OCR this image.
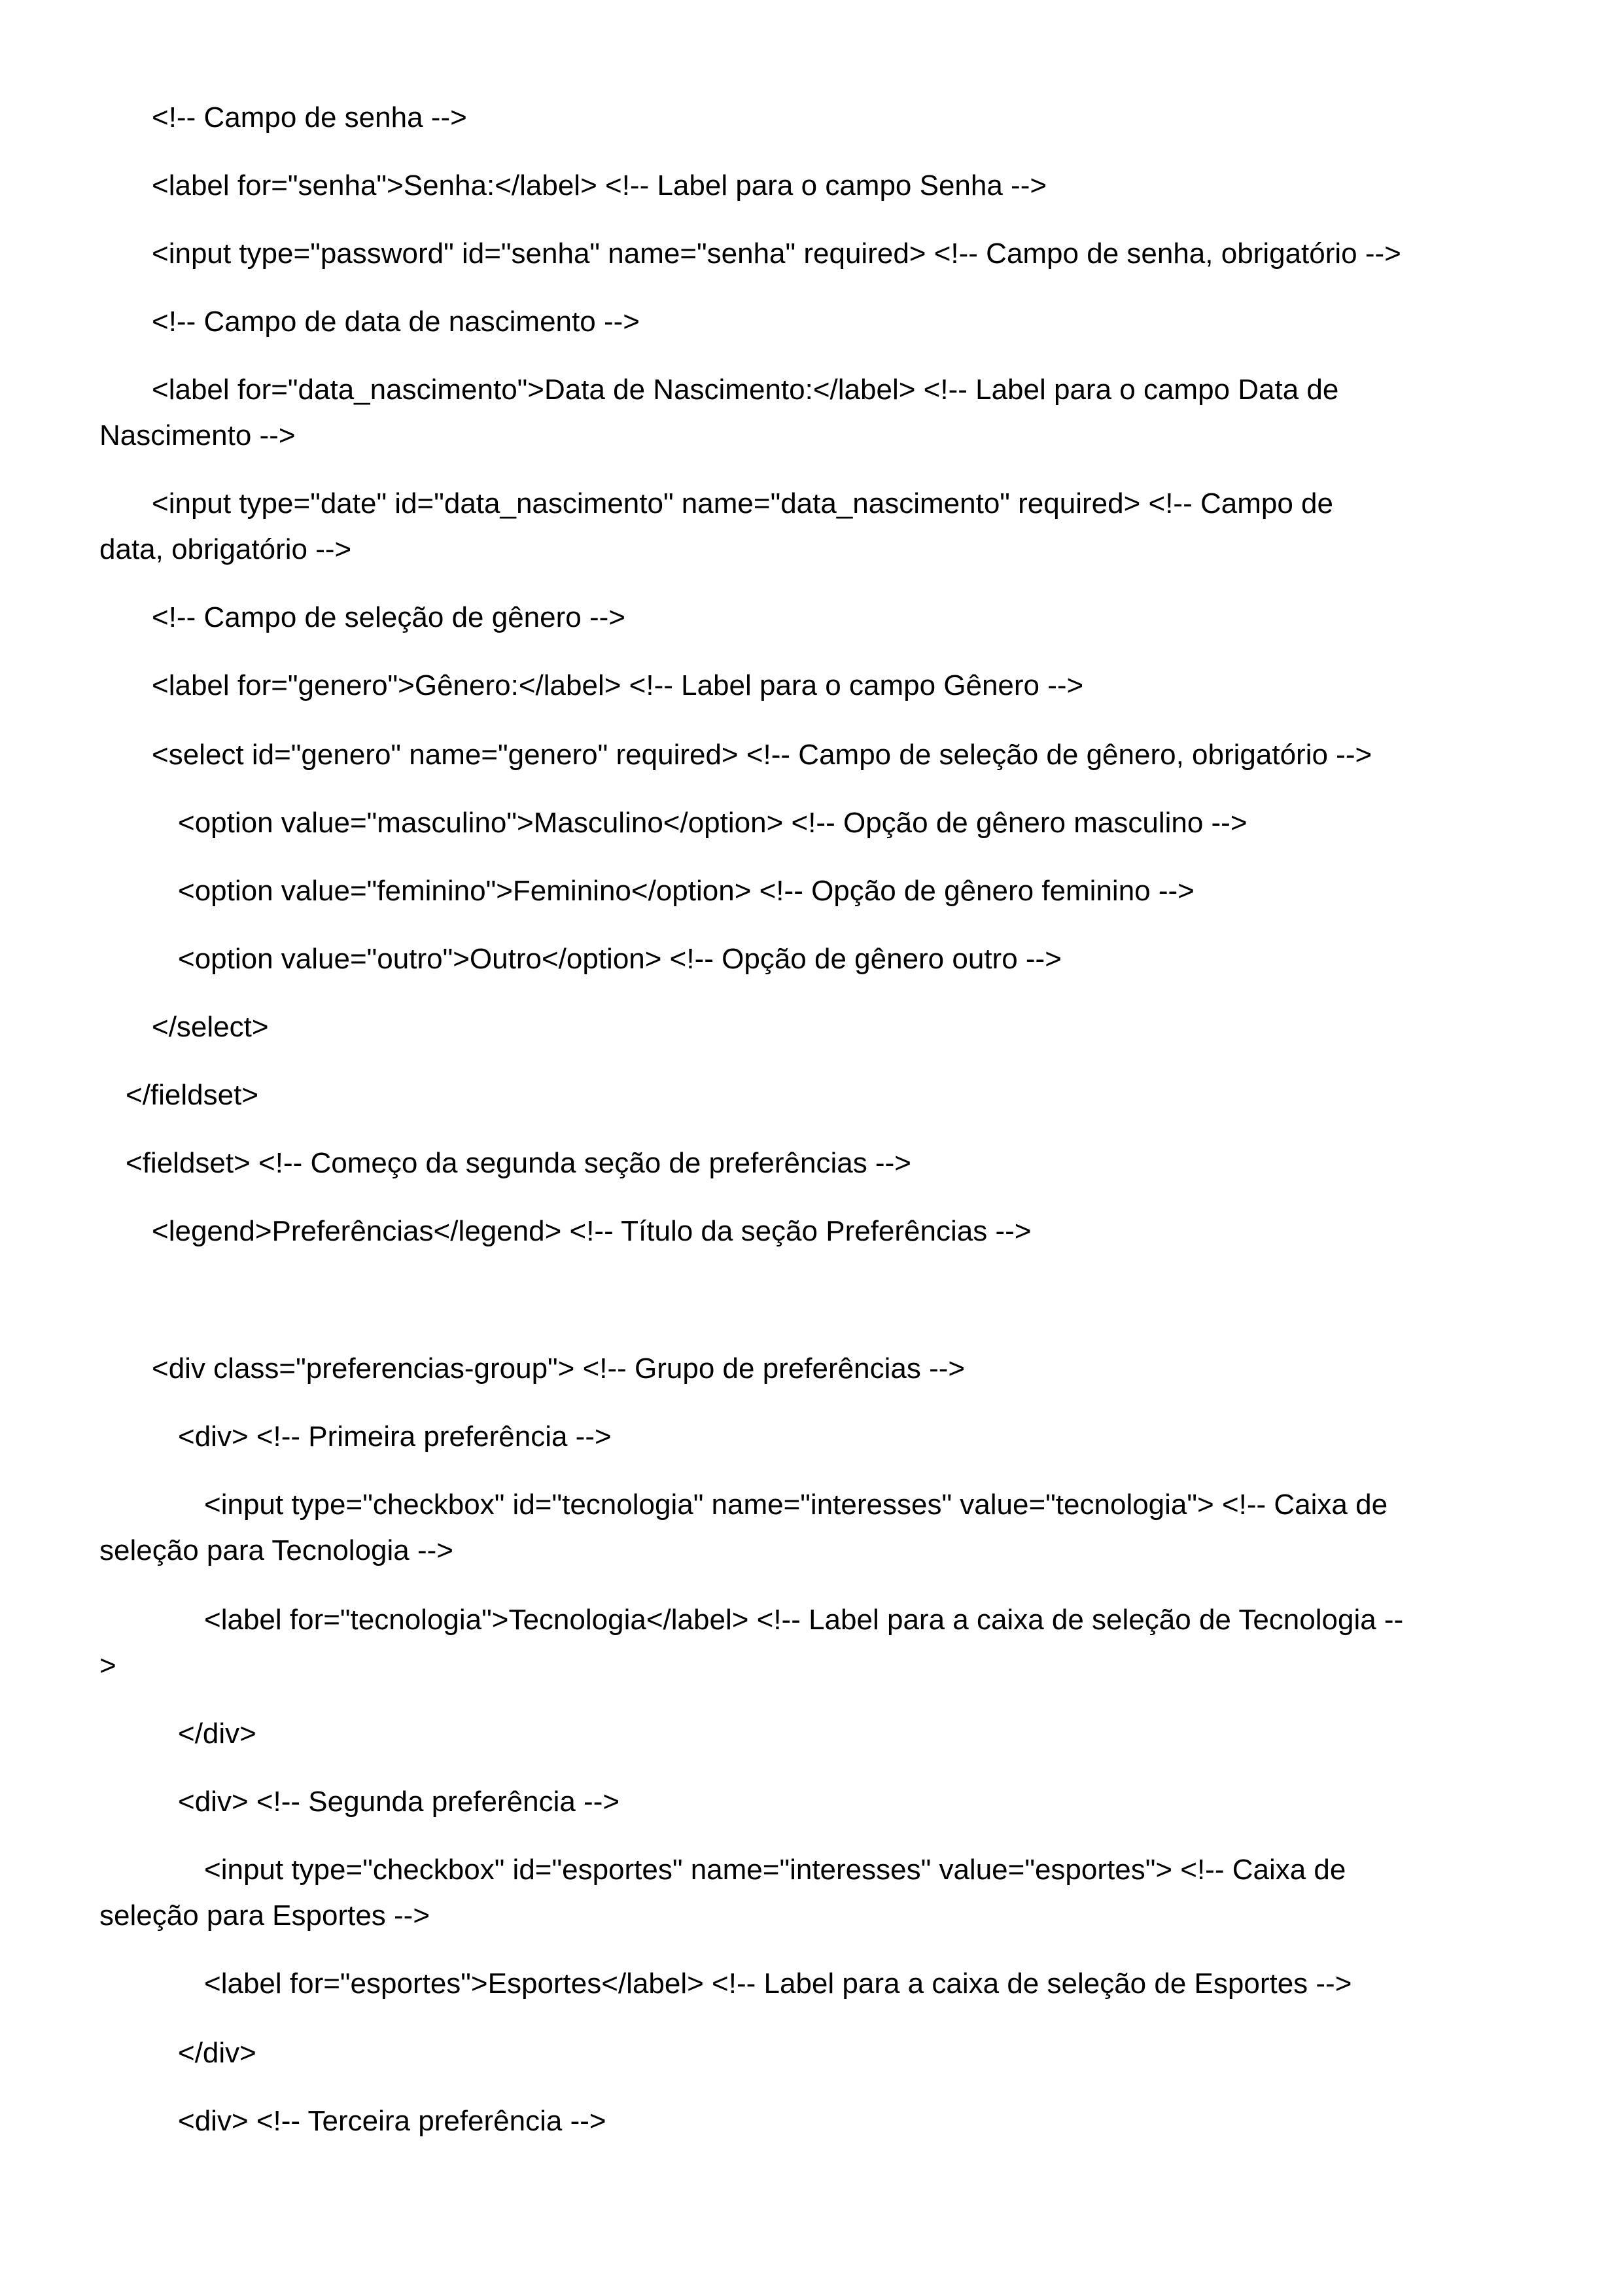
<!-- Campo de senha -->
<label for="senha">Senha:</label> <!-- Label para o campo Senha -->
<input type="password" id="senha" name="senha" required> <!-- Campo de senha, obrigatório -->
<!-- Campo de data de nascimento -->
<label for="data_nascimento">Data de Nascimento:</label> <!-- Label para o campo Data de
Nascimento -->
<input type="date" id="data_nascimento" name="data_nascimento" required> <!-- Campo de
data, obrigatório -->
<!-- Campo de seleção de gênero -->
<label for="genero">Gênero:</label> <!-- Label para o campo Gênero -->
<select id="genero" name="genero" required> <!-- Campo de seleção de gênero, obrigatório -->
<option value="masculino">Masculino</option> <!-- Opção de gênero masculino -->
<option value="feminino">Feminino</option> <!-- Opção de gênero feminino -->
<option value="outro">Outro</option> <!-- Opção de gênero outro -->
</select>
</fieldset>
<fieldset> <!-- Começo da segunda seção de preferências -->
<legend>Preferências</legend> <!-- Título da seção Preferências -->
<div class="preferencias-group"> <!-- Grupo de preferências -->
<div> <!-- Primeira preferência -->
<input type="checkbox" id="tecnologia" name="interesses" value="tecnologia"> <!-- Caixa de
seleção para Tecnologia -->
<label for="tecnologia">Tecnologia</label> <!-- Label para a caixa de seleção de Tecnologia --
>
</div>
<div> <!-- Segunda preferência -->
<input type="checkbox" id="esportes" name="interesses" value="esportes"> <!-- Caixa de
seleção para Esportes -->
<label for="esportes">Esportes</label> <!-- Label para a caixa de seleção de Esportes -->
</div>
<div> <!-- Terceira preferência -->
